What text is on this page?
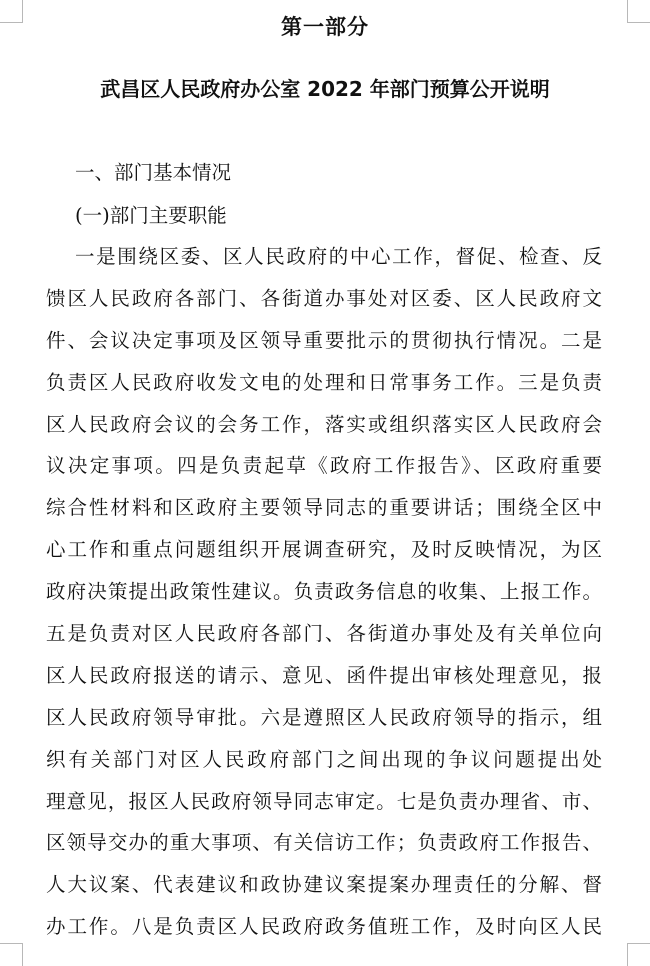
第一部分
武昌区人民政府办公室 2022 年部门预算公开说明
一、部门基本情况
(一)部门主要职能
一是围绕区委、区人民政府的中心工作，督促、检查、反
馈区人民政府各部门、各街道办事处对区委、区人民政府文
件、会议决定事项及区领导重要批示的贯彻执行情况。二是
负责区人民政府收发文电的处理和日常事务工作。三是负责
区人民政府会议的会务工作，落实或组织落实区人民政府会
议决定事项。四是负责起草《政府工作报告》、区政府重要
综合性材料和区政府主要领导同志的重要讲话；围绕全区中
心工作和重点问题组织开展调查研究，及时反映情况，为区
政府决策提出政策性建议。负责政务信息的收集、上报工作。
五是负责对区人民政府各部门、各街道办事处及有关单位向
区人民政府报送的请示、意见、函件提出审核处理意见，报
区人民政府领导审批。六是遵照区人民政府领导的指示，组
织有关部门对区人民政府部门之间出现的争议问题提出处
理意见，报区人民政府领导同志审定。七是负责办理省、市、
区领导交办的重大事项、有关信访工作；负责政府工作报告、
人大议案、代表建议和政协建议案提案办理责任的分解、督
办工作。八是负责区人民政府政务值班工作，及时向区人民
